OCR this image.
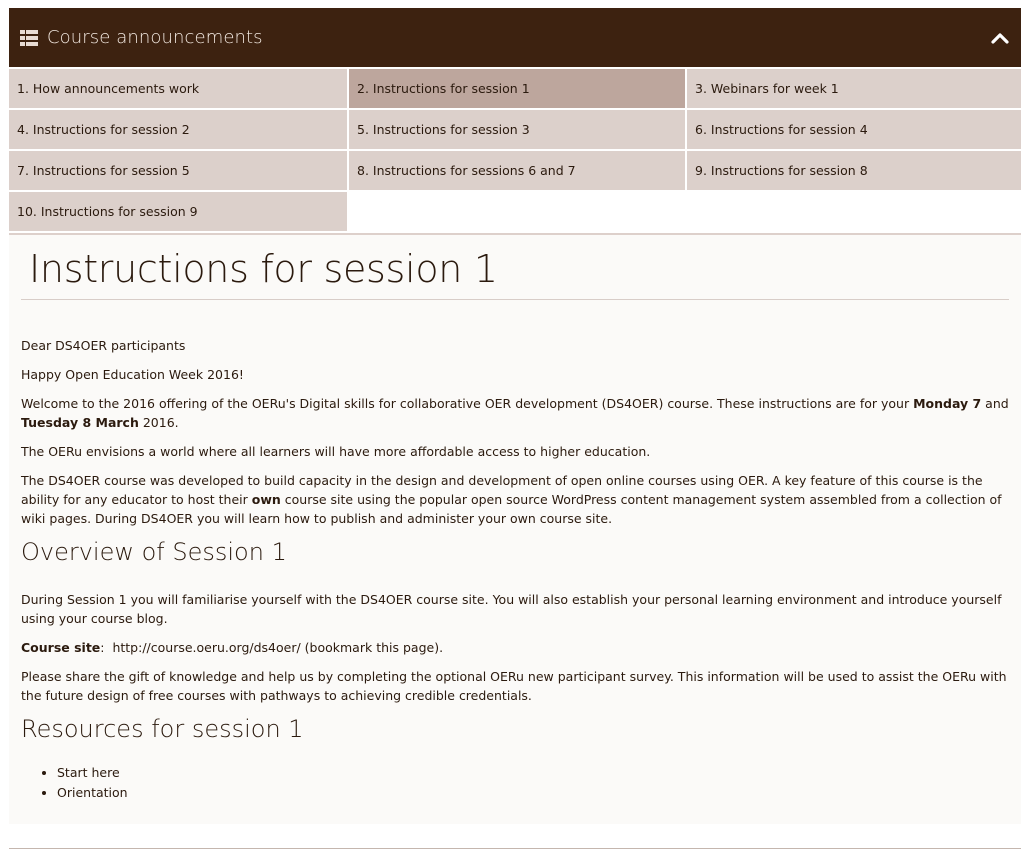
Course announcements
1. How announcements work	2. Instructions for session 1	3. Webinars for week 1
4. Instructions for session 2	5. Instructions for session 3	6. Instructions for session 4
7. Instructions for session 5	8. Instructions for sessions 6 and 7	9. Instructions for session 8
10. Instructions for session 9
Instructions for session 1

Dear DS4OER participants

Happy Open Education Week 2016!

Welcome to the 2016 offering of the OERu's Digital skills for collaborative OER development (DS4OER) course. These instructions are for your Monday 7 and Tuesday 8 March 2016.

The OERu envisions a world where all learners will have more affordable access to higher education.

The DS4OER course was developed to build capacity in the design and development of open online courses using OER. A key feature of this course is the ability for any educator to host their own course site using the popular open source WordPress content management system assembled from a collection of wiki pages. During DS4OER you will learn how to publish and administer your own course site.

Overview of Session 1

During Session 1 you will familiarise yourself with the DS4OER course site. You will also establish your personal learning environment and introduce yourself using your course blog.

Course site:  http://course.oeru.org/ds4oer/ (bookmark this page).

Please share the gift of knowledge and help us by completing the optional OERu new participant survey. This information will be used to assist the OERu with the future design of free courses with pathways to achieving credible credentials.

Resources for session 1
• Start here
• Orientation
